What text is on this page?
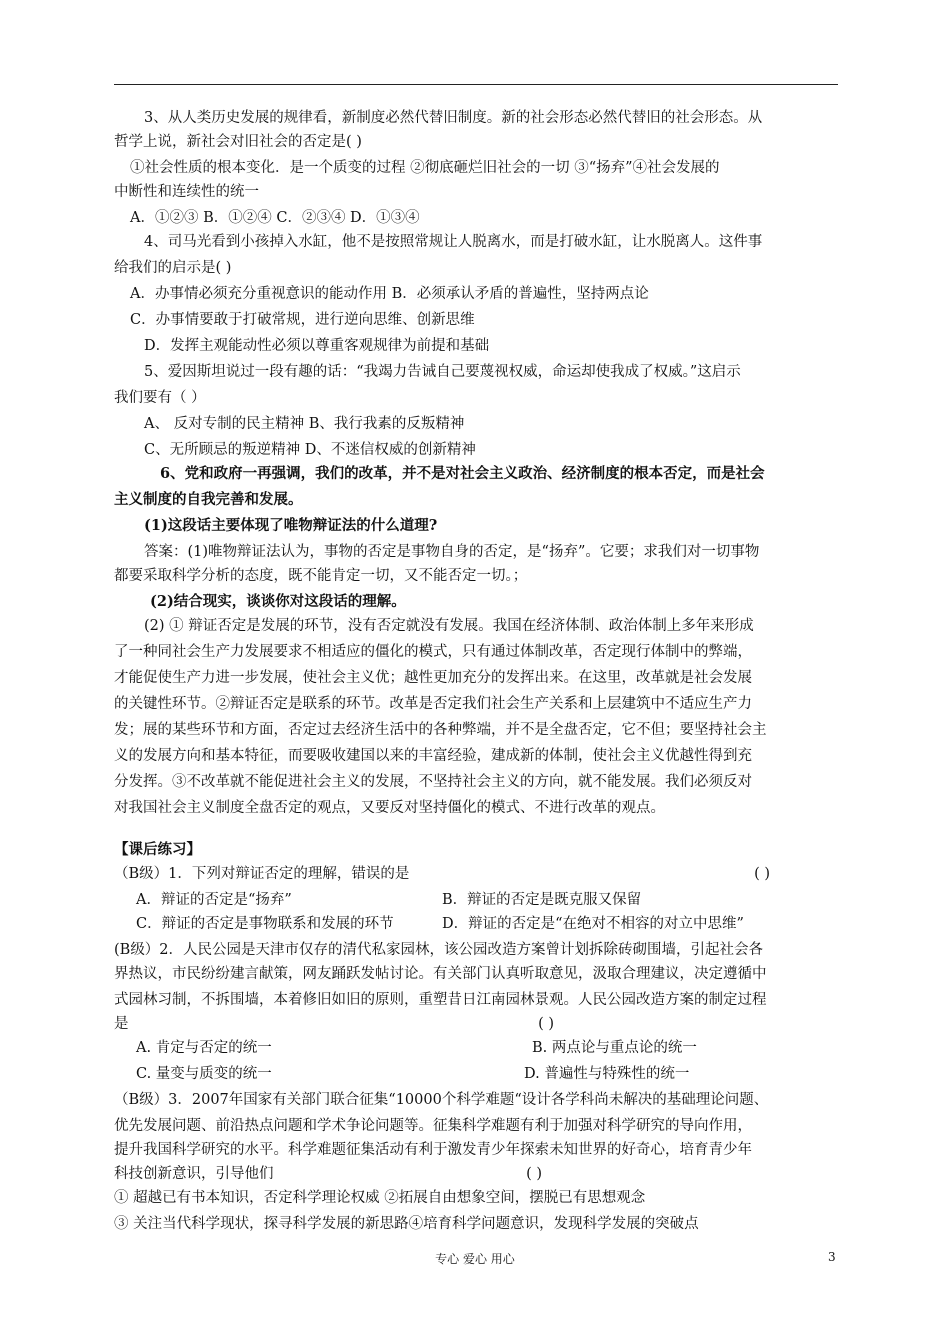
3、从人类历史发展的规律看，新制度必然代替旧制度。新的社会形态必然代替旧的社会形态。从
哲学上说，新社会对旧社会的否定是( )
①社会性质的根本变化．是一个质变的过程 ②彻底砸烂旧社会的一切 ③“扬弃”④社会发展的
中断性和连续性的统一
A．①②③ B．①②④ C．②③④ D．①③④
4、司马光看到小孩掉入水缸，他不是按照常规让人脱离水，而是打破水缸，让水脱离人。这件事
给我们的启示是( )
A．办事情必须充分重视意识的能动作用 B．必须承认矛盾的普遍性，坚持两点论
C．办事情要敢于打破常规，进行逆向思维、创新思维
D．发挥主观能动性必须以尊重客观规律为前提和基础
5、爱因斯坦说过一段有趣的话：“我竭力告诫自己要蔑视权威，命运却使我成了权威。”这启示
我们要有（ ）
A、 反对专制的民主精神 B、我行我素的反叛精神
C、无所顾忌的叛逆精神 D、不迷信权威的创新精神
6、党和政府一再强调，我们的改革，并不是对社会主义政治、经济制度的根本否定，而是社会
主义制度的自我完善和发展。
(1)这段话主要体现了唯物辩证法的什么道理?
答案：(1)唯物辩证法认为，事物的否定是事物自身的否定，是“扬弃”。它要；求我们对一切事物
都要采取科学分析的态度，既不能肯定一切，又不能否定一切。；
(2)结合现实，谈谈你对这段话的理解。
(2) ① 辩证否定是发展的环节，没有否定就没有发展。我国在经济体制、政治体制上多年来形成
了一种同社会生产力发展要求不相适应的僵化的模式，只有通过体制改革，否定现行体制中的弊端，
才能促使生产力进一步发展，使社会主义优；越性更加充分的发挥出来。在这里，改革就是社会发展
的关键性环节。②辩证否定是联系的环节。改革是否定我们社会生产关系和上层建筑中不适应生产力
发；展的某些环节和方面，否定过去经济生活中的各种弊端，并不是全盘否定，它不但；要坚持社会主
义的发展方向和基本特征，而要吸收建国以来的丰富经验，建成新的体制，使社会主义优越性得到充
分发挥。③不改革就不能促进社会主义的发展，不坚持社会主义的方向，就不能发展。我们必须反对
对我国社会主义制度全盘否定的观点，又要反对坚持僵化的模式、不进行改革的观点。
【课后练习】
（B级）1．下列对辩证否定的理解，错误的是	( )
A．辩证的否定是“扬弃”	B．辩证的否定是既克服又保留
C．辩证的否定是事物联系和发展的环节	D．辩证的否定是“在绝对不相容的对立中思维”
(B级）2．人民公园是天津市仅存的清代私家园林，该公园改造方案曾计划拆除砖砌围墙，引起社会各
界热议，市民纷纷建言献策，网友踊跃发帖讨论。有关部门认真听取意见，汲取合理建议，决定遵循中
式园林习制，不拆围墙，本着修旧如旧的原则，重塑昔日江南园林景观。人民公园改造方案的制定过程
是	( )
A. 肯定与否定的统一	B. 两点论与重点论的统一
C. 量变与质变的统一	D. 普遍性与特殊性的统一
（B级）3．2007年国家有关部门联合征集“10000个科学难题“设计各学科尚未解决的基础理论问题、
优先发展问题、前沿热点问题和学术争论问题等。征集科学难题有利于加强对科学研究的导向作用，
提升我国科学研究的水平。科学难题征集活动有利于激发青少年探索未知世界的好奇心，培育青少年
科技创新意识，引导他们	( )
① 超越已有书本知识，否定科学理论权威 ②拓展自由想象空间，摆脱已有思想观念
③ 关注当代科学现状，探寻科学发展的新思路④培育科学问题意识，发现科学发展的突破点
专心 爱心 用心	3
